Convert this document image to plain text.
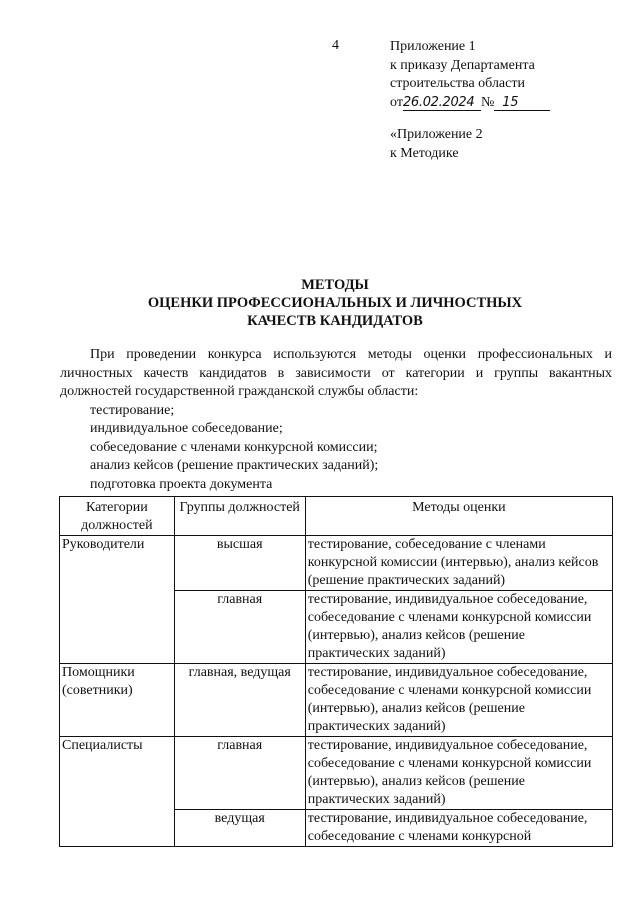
4	Приложение 1
к приказу Департамента
строительства области
от26.02.2024 № 15
«Приложение 2
к Методике
МЕТОДЫ
ОЦЕНКИ ПРОФЕССИОНАЛЬНЫХ И ЛИЧНОСТНЫХ
КАЧЕСТВ КАНДИДАТОВ

При проведении конкурса используются методы оценки профессиональных и личностных качеств кандидатов в зависимости от категории и группы вакантных должностей государственной гражданской службы области:

тестирование;
индивидуальное собеседование;
собеседование с членами конкурсной комиссии;
анализ кейсов (решение практических заданий);
подготовка проекта документа
Категории должностей	Группы должностей	Методы оценки
Руководители	высшая	тестирование, собеседование с членами конкурсной комиссии (интервью), анализ кейсов (решение практических заданий)
	главная	тестирование, индивидуальное собеседование, собеседование с членами конкурсной комиссии (интервью), анализ кейсов (решение практических заданий)
Помощники (советники)	главная, ведущая	тестирование, индивидуальное собеседование, собеседование с членами конкурсной комиссии (интервью), анализ кейсов (решение практических заданий)
Специалисты	главная	тестирование, индивидуальное собеседование, собеседование с членами конкурсной комиссии (интервью), анализ кейсов (решение практических заданий)
	ведущая	тестирование, индивидуальное собеседование, собеседование с членами конкурсной
